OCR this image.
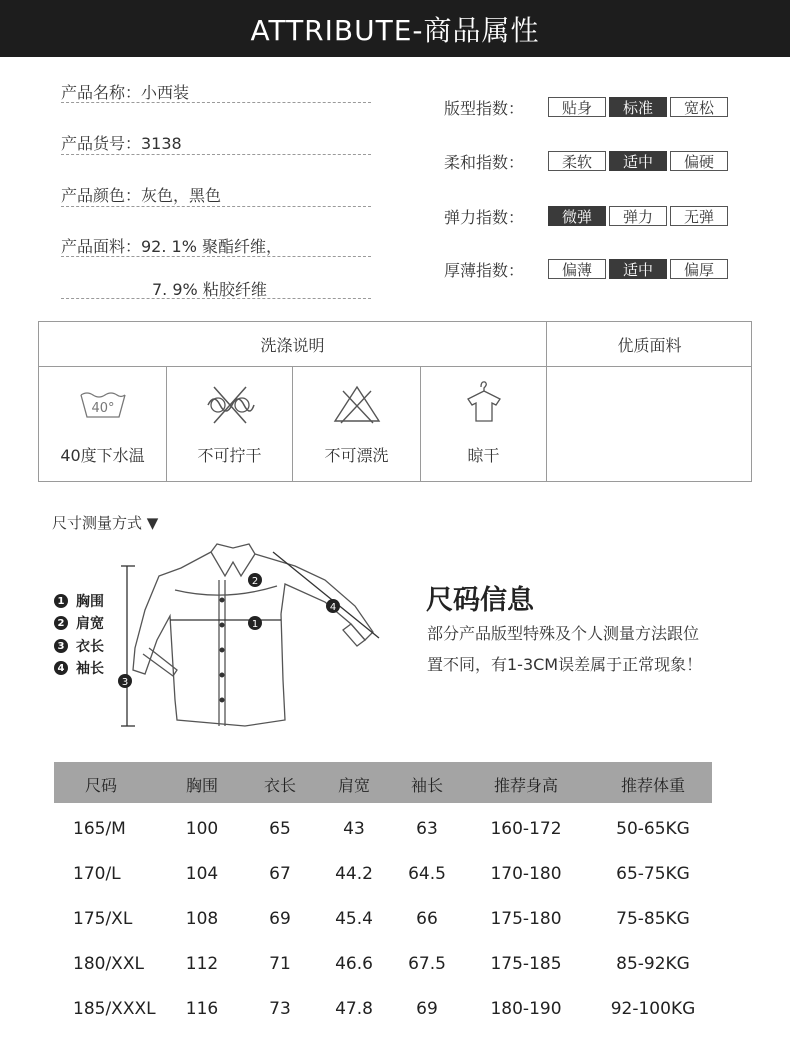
ATTRIBUTE-商品属性
产品名称：小西装
产品货号：3138
产品颜色：灰色，黑色
产品面料：92. 1% 聚酯纤维，
7. 9% 粘胶纤维
版型指数：	贴身	标准	宽松
柔和指数：	柔软	适中	偏硬
弹力指数：	微弹	弹力	无弹
厚薄指数：	偏薄	适中	偏厚
洗涤说明	优质面料
40°
40度下水温	不可拧干	不可漂洗	晾干
尺寸测量方式 ▼
1 胸围
2 肩宽
3 衣长
4 袖长
2
1
3
4	尺码信息
部分产品版型特殊及个人测量方法跟位
置不同，有1-3CM误差属于正常现象！
尺码	胸围	衣长	肩宽	袖长	推荐身高	推荐体重
165/M	100	65	43	63	160-172	50-65KG
170/L	104	67	44.2 64.5	170-180	65-75KG
175/XL	108	69	45.4	66	175-180	75-85KG
180/XXL 112	71	46.6 67.5	175-185	85-92KG
185/XXXL 116	73	47.8	69	180-190	92-100KG
